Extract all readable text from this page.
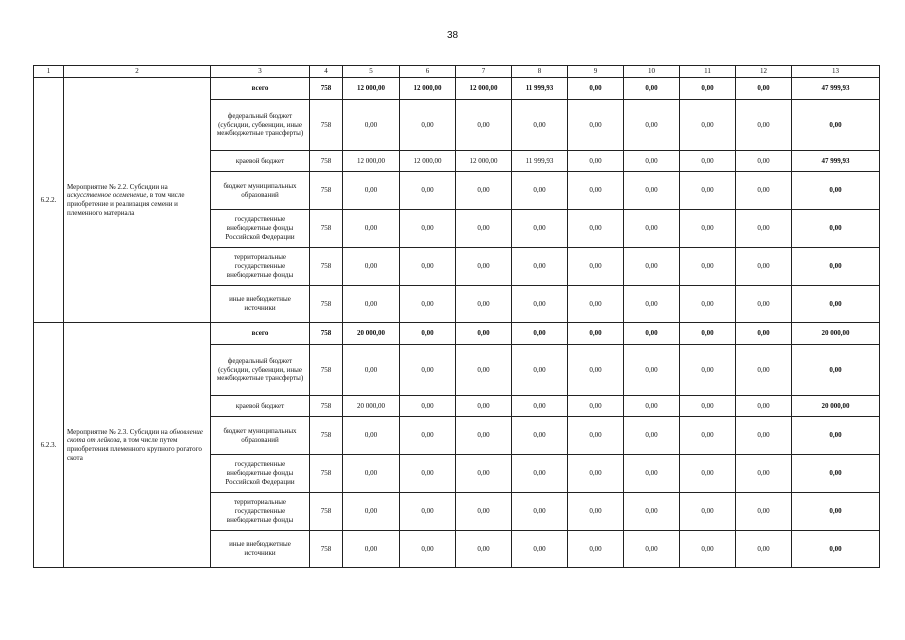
38
1	2	3	4	5	6	7	8	9	10	11	12	13
6.2.2.	Мероприятие № 2.2. Субсидии на искусственное осеменение, в том числе приобретение и реализация семени и племенного материала	всего	758	12 000,00	12 000,00	12 000,00	11 999,93	0,00	0,00	0,00	0,00	47 999,93
		федеральный бюджет (субсидии, субвенции, иные межбюджетные трансферты)	758	0,00	0,00	0,00	0,00	0,00	0,00	0,00	0,00	0,00
		краевой бюджет	758	12 000,00	12 000,00	12 000,00	11 999,93	0,00	0,00	0,00	0,00	47 999,93
		бюджет муниципальных образований	758	0,00	0,00	0,00	0,00	0,00	0,00	0,00	0,00	0,00
		государственные внебюджетные фонды Российской Федерации	758	0,00	0,00	0,00	0,00	0,00	0,00	0,00	0,00	0,00
		территориальные государственные внебюджетные фонды	758	0,00	0,00	0,00	0,00	0,00	0,00	0,00	0,00	0,00
		иные внебюджетные источники	758	0,00	0,00	0,00	0,00	0,00	0,00	0,00	0,00	0,00
6.2.3.	Мероприятие № 2.3. Субсидии на обновление скота от лейкоза, в том числе путем приобретения племенного крупного рогатого скота	всего	758	20 000,00	0,00	0,00	0,00	0,00	0,00	0,00	0,00	20 000,00
		федеральный бюджет (субсидии, субвенции, иные межбюджетные трансферты)	758	0,00	0,00	0,00	0,00	0,00	0,00	0,00	0,00	0,00
		краевой бюджет	758	20 000,00	0,00	0,00	0,00	0,00	0,00	0,00	0,00	20 000,00
		бюджет муниципальных образований	758	0,00	0,00	0,00	0,00	0,00	0,00	0,00	0,00	0,00
		государственные внебюджетные фонды Российской Федерации	758	0,00	0,00	0,00	0,00	0,00	0,00	0,00	0,00	0,00
		территориальные государственные внебюджетные фонды	758	0,00	0,00	0,00	0,00	0,00	0,00	0,00	0,00	0,00
		иные внебюджетные источники	758	0,00	0,00	0,00	0,00	0,00	0,00	0,00	0,00	0,00
